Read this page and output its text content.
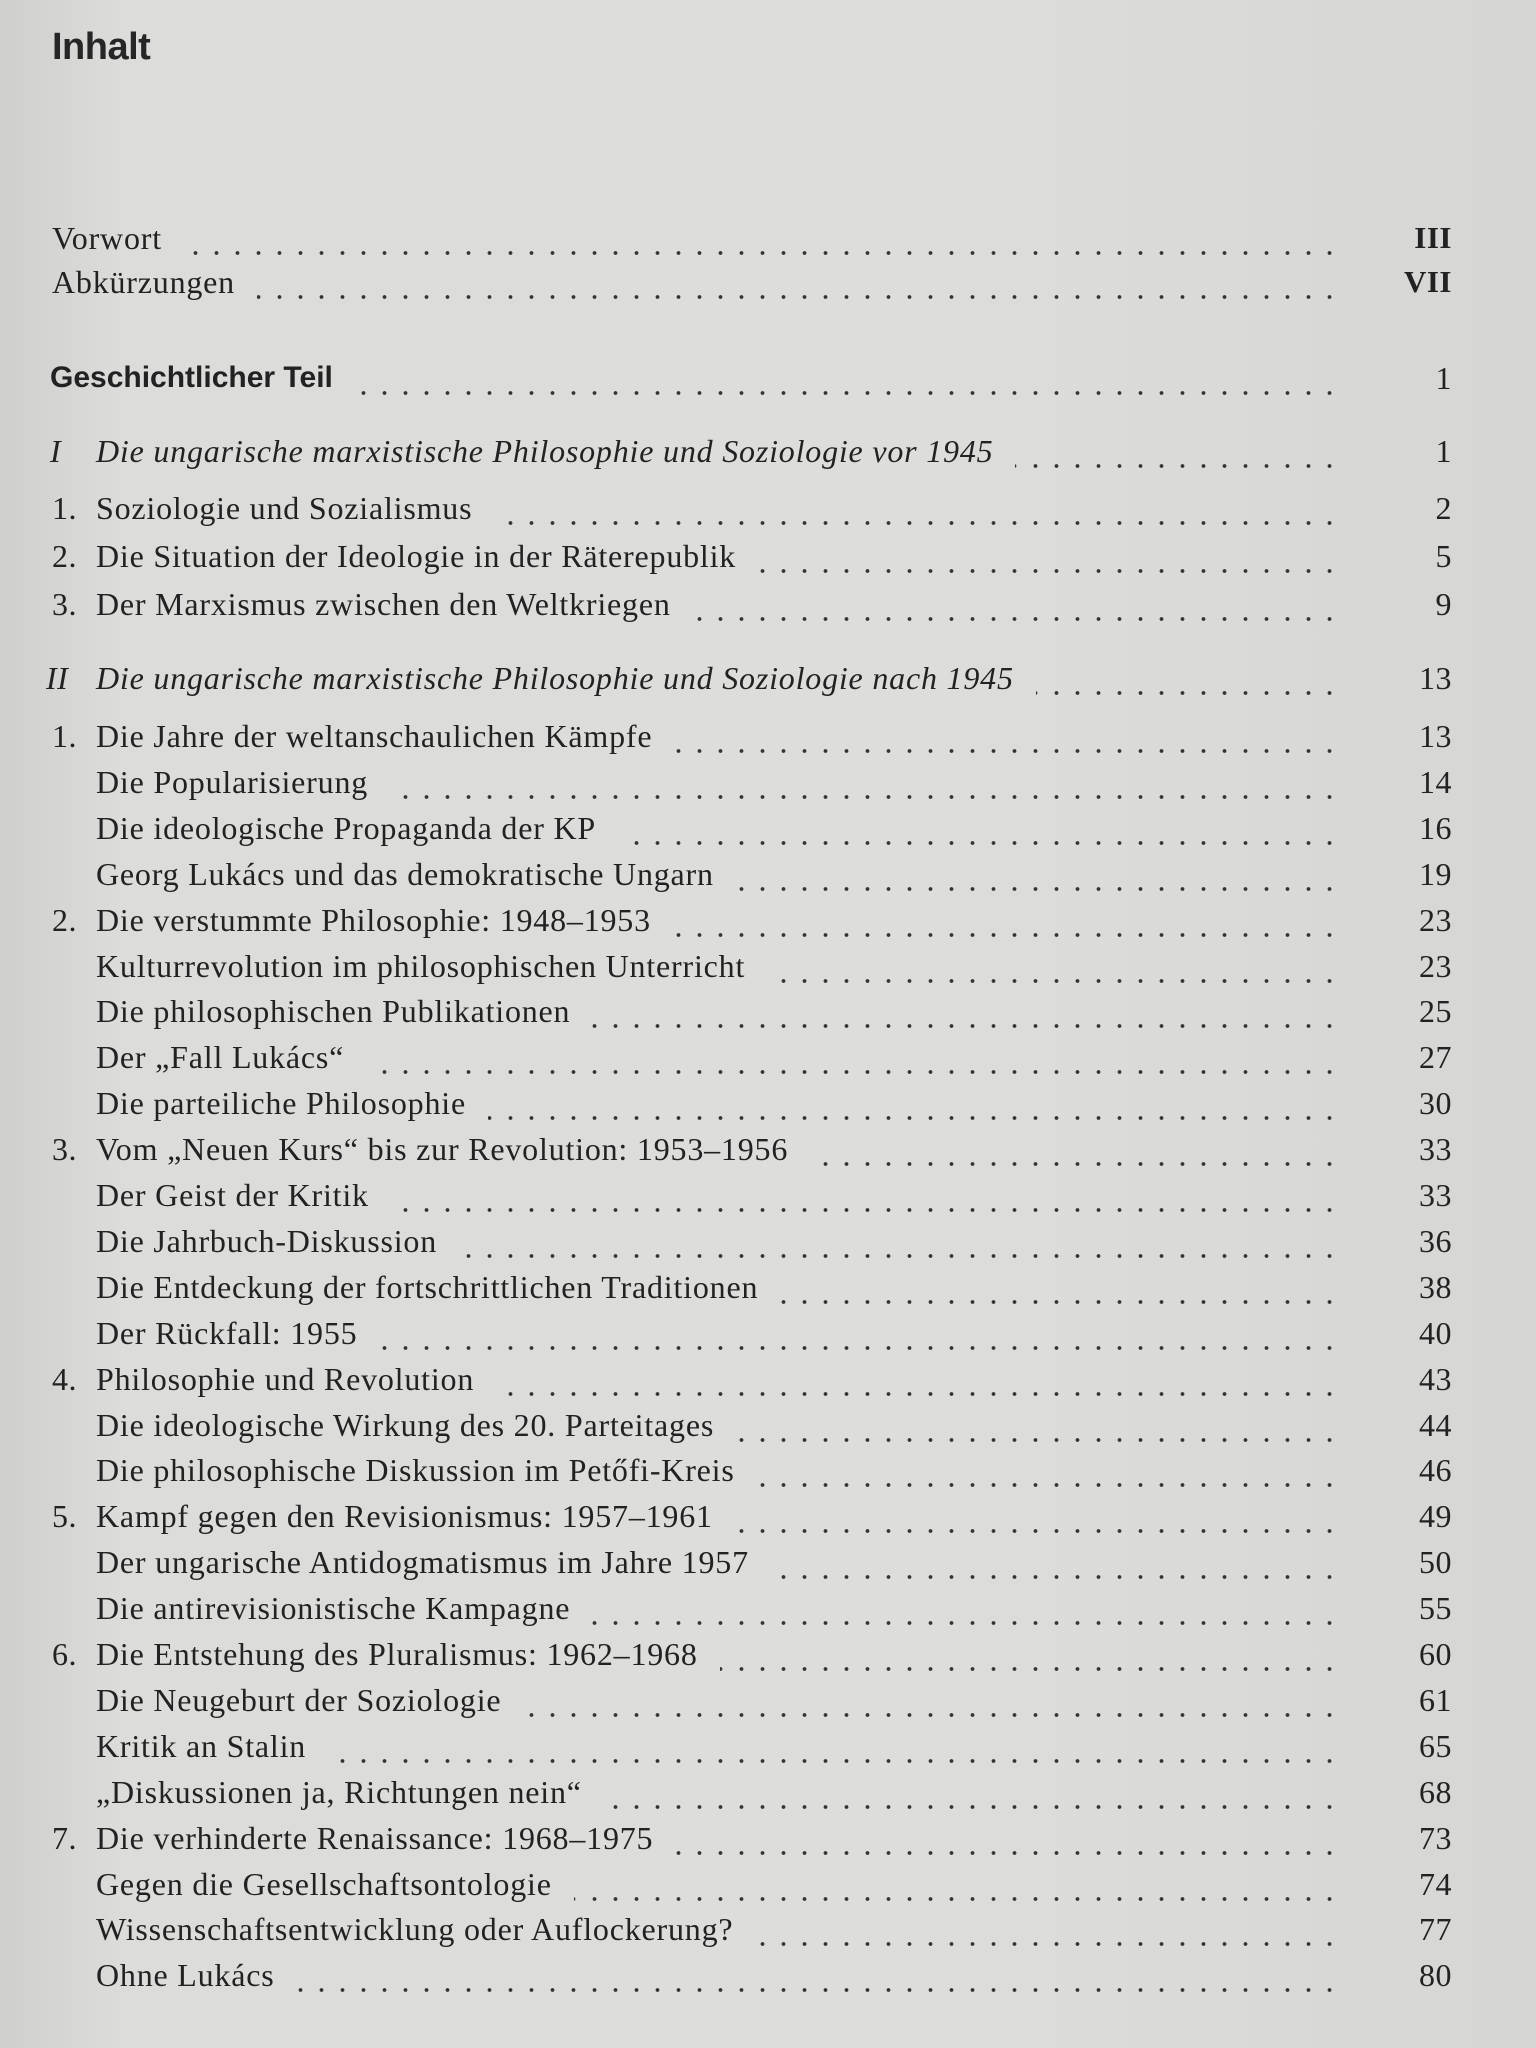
Inhalt
Vorwort	III
Abkürzungen	VII
Geschichtlicher Teil	1
I Die ungarische marxistische Philosophie und Soziologie vor 1945	1
1. Soziologie und Sozialismus	2
2. Die Situation der Ideologie in der Räterepublik	5
3. Der Marxismus zwischen den Weltkriegen	9
II Die ungarische marxistische Philosophie und Soziologie nach 1945	13
1. Die Jahre der weltanschaulichen Kämpfe	13
Die Popularisierung	14
Die ideologische Propaganda der KP	16
Georg Lukács und das demokratische Ungarn	19
2. Die verstummte Philosophie: 1948–1953	23
Kulturrevolution im philosophischen Unterricht	23
Die philosophischen Publikationen	25
Der „Fall Lukács“	27
Die parteiliche Philosophie	30
3. Vom „Neuen Kurs“ bis zur Revolution: 1953–1956	33
Der Geist der Kritik	33
Die Jahrbuch-Diskussion	36
Die Entdeckung der fortschrittlichen Traditionen	38
Der Rückfall: 1955	40
4. Philosophie und Revolution	43
Die ideologische Wirkung des 20. Parteitages	44
Die philosophische Diskussion im Petőfi-Kreis	46
5. Kampf gegen den Revisionismus: 1957–1961	49
Der ungarische Antidogmatismus im Jahre 1957	50
Die antirevisionistische Kampagne	55
6. Die Entstehung des Pluralismus: 1962–1968	60
Die Neugeburt der Soziologie	61
Kritik an Stalin	65
„Diskussionen ja, Richtungen nein“	68
7. Die verhinderte Renaissance: 1968–1975	73
Gegen die Gesellschaftsontologie	74
Wissenschaftsentwicklung oder Auflockerung?	77
Ohne Lukács	80
